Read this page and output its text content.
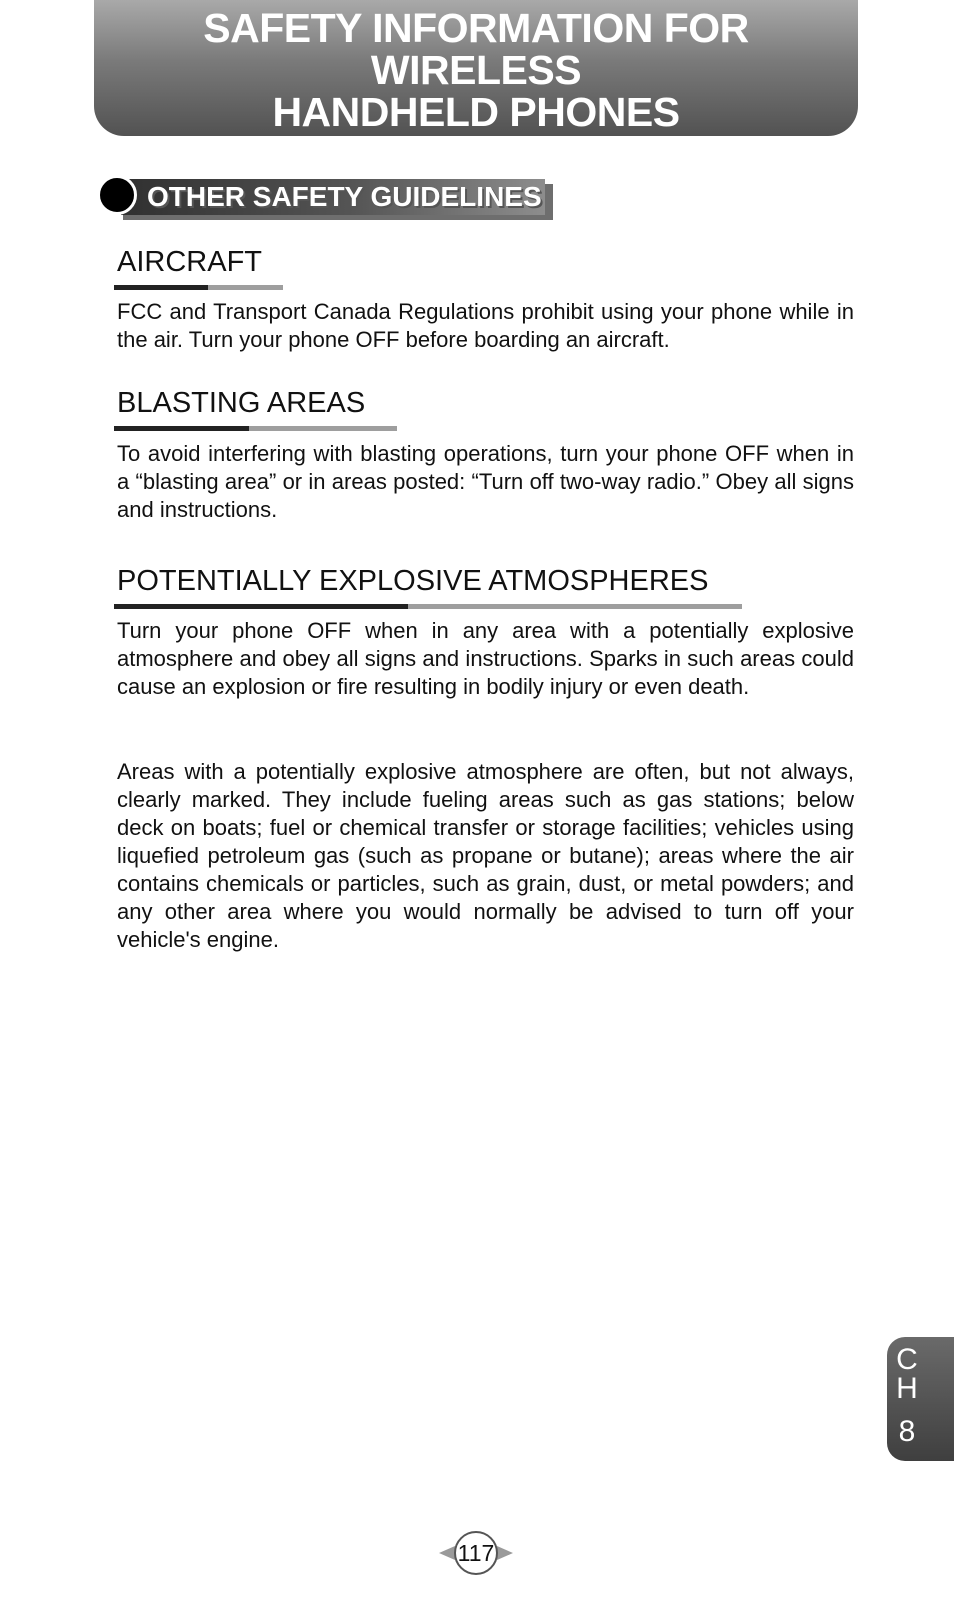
SAFETY INFORMATION FOR WIRELESS
HANDHELD PHONES
OTHER SAFETY GUIDELINES
AIRCRAFT

FCC and Transport Canada Regulations prohibit using your phone while in the air. Turn your phone OFF before boarding an aircraft.

BLASTING AREAS

To avoid interfering with blasting operations, turn your phone OFF when in a “blasting area” or in areas posted: “Turn off two-way radio.” Obey all signs and instructions.

POTENTIALLY EXPLOSIVE ATMOSPHERES

Turn your phone OFF when in any area with a potentially explosive atmosphere and obey all signs and instructions. Sparks in such areas could cause an explosion or fire resulting in bodily injury or even death.

Areas with a potentially explosive atmosphere are often, but not always, clearly marked. They include fueling areas such as gas stations; below deck on boats; fuel or chemical transfer or storage facilities; vehicles using liquefied petroleum gas (such as propane or butane); areas where the air contains chemicals or particles, such as grain, dust, or metal powders; and any other area where you would normally be advised to turn off your vehicle's engine.

C
H
8
117
